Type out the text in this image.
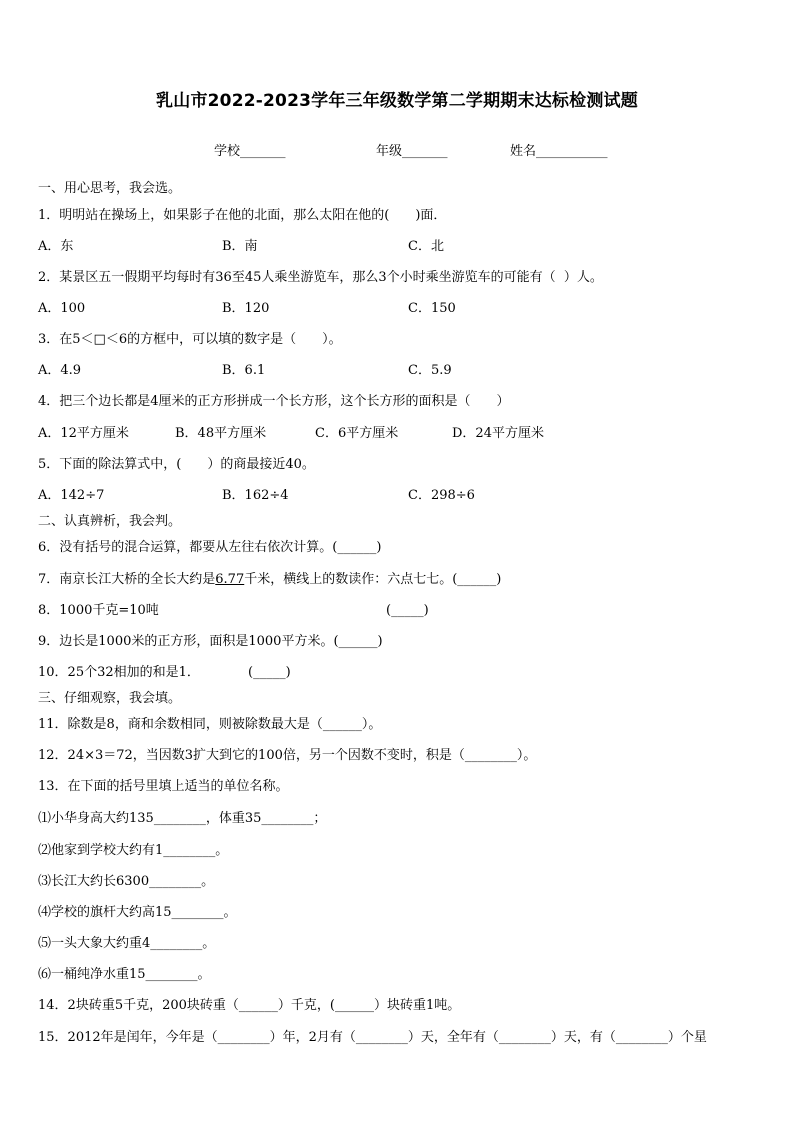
乳山市2022-2023学年三年级数学第二学期期末达标检测试题
学校_______	年级_______	姓名___________
一、用心思考，我会选。
1．明明站在操场上，如果影子在他的北面，那么太阳在他的(　　)面．
A．东	B．南	C．北
2．某景区五一假期平均每时有36至45人乘坐游览车，那么3个小时乘坐游览车的可能有（  ）人。
A．100	B．120	C．150
3．在5＜□＜6的方框中，可以填的数字是（　　）。
A．4.9	B．6.1	C．5.9
4．把三个边长都是4厘米的正方形拼成一个长方形，这个长方形的面积是（　　）
A．12平方厘米	B．48平方厘米	C．6平方厘米	D．24平方厘米
5．下面的除法算式中，(　　）的商最接近40。
A．142÷7	B．162÷4	C．298÷6
二、认真辨析，我会判。
6．没有括号的混合运算，都要从左往右依次计算。(______)
7．南京长江大桥的全长大约是6.77千米，横线上的数读作：六点七七。(______)
8．1000千克=10吨	(_____)
9．边长是1000米的正方形，面积是1000平方米。(______)
10．25个32相加的和是1．	(_____)
三、仔细观察，我会填。
11．除数是8，商和余数相同，则被除数最大是（______）。
12．24×3＝72，当因数3扩大到它的100倍，另一个因数不变时，积是（________）。
13．在下面的括号里填上适当的单位名称。
⑴小华身高大约135________，体重35________；
⑵他家到学校大约有1________。
⑶长江大约长6300________。
⑷学校的旗杆大约高15________。
⑸一头大象大约重4________。
⑹一桶纯净水重15________。
14．2块砖重5千克，200块砖重（______）千克，(______）块砖重1吨。
15．2012年是闰年，今年是（________）年，2月有（________）天，全年有（________）天，有（________）个星
